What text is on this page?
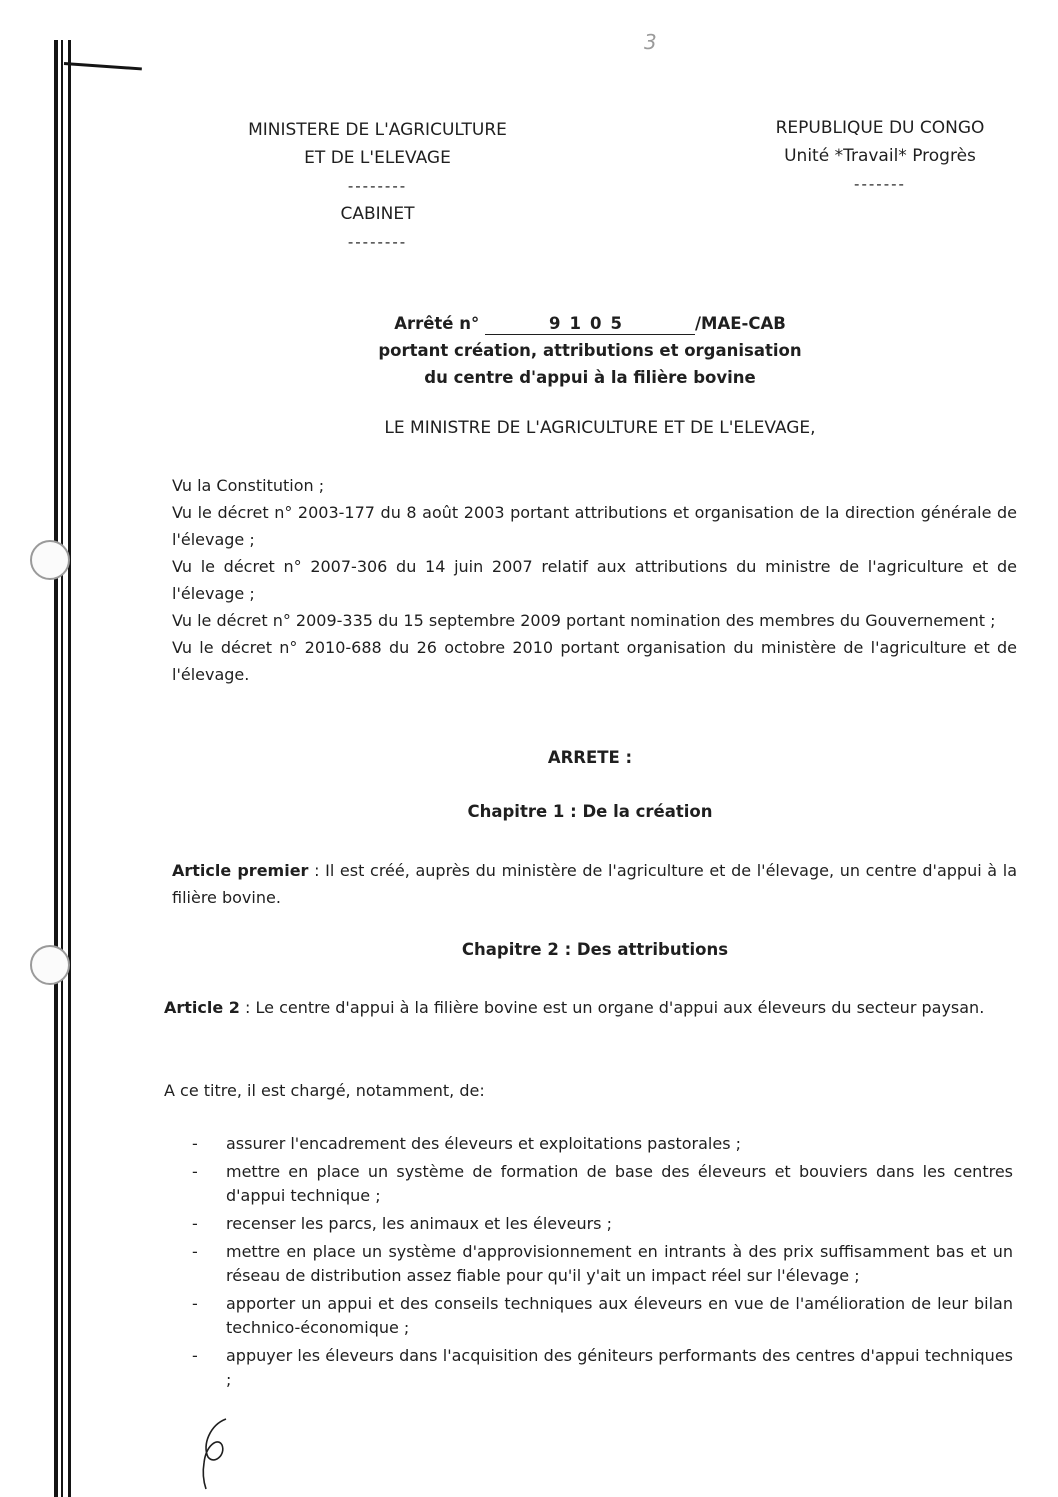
3
MINISTERE DE L'AGRICULTURE
ET DE L'ELEVAGE
--------
CABINET
--------
REPUBLIQUE DU CONGO
Unité *Travail* Progrès
-------
Arrêté n°	9105	/MAE-CAB
portant création, attributions et organisation
du centre d'appui à la filière bovine
LE MINISTRE DE L'AGRICULTURE ET DE L'ELEVAGE,

Vu la Constitution ;

Vu le décret n° 2003-177 du 8 août 2003 portant attributions et organisation de la direction générale de l'élevage ;

Vu le décret n° 2007-306 du 14 juin 2007 relatif aux attributions du ministre de l'agriculture et de l'élevage ;

Vu le décret n° 2009-335 du 15 septembre 2009 portant nomination des membres du Gouvernement ;

Vu le décret n° 2010-688 du 26 octobre 2010 portant organisation du ministère de l'agriculture et de l'élevage.

ARRETE :
Chapitre 1 : De la création

Article premier : Il est créé, auprès du ministère de l'agriculture et de l'élevage, un centre d'appui à la filière bovine.

Chapitre 2 : Des attributions

Article 2 : Le centre d'appui à la filière bovine est un organe d'appui aux éleveurs du secteur paysan.

A ce titre, il est chargé, notamment, de:
- assurer l'encadrement des éleveurs et exploitations pastorales ;
- mettre en place un système de formation de base des éleveurs et bouviers dans les centres d'appui technique ;
- recenser les parcs, les animaux et les éleveurs ;
- mettre en place un système d'approvisionnement en intrants à des prix suffisamment bas et un réseau de distribution assez fiable pour qu'il y'ait un impact réel sur l'élevage ;
- apporter un appui et des conseils techniques aux éleveurs en vue de l'amélioration de leur bilan technico-économique ;
- appuyer les éleveurs dans l'acquisition des géniteurs performants des centres d'appui techniques ;
